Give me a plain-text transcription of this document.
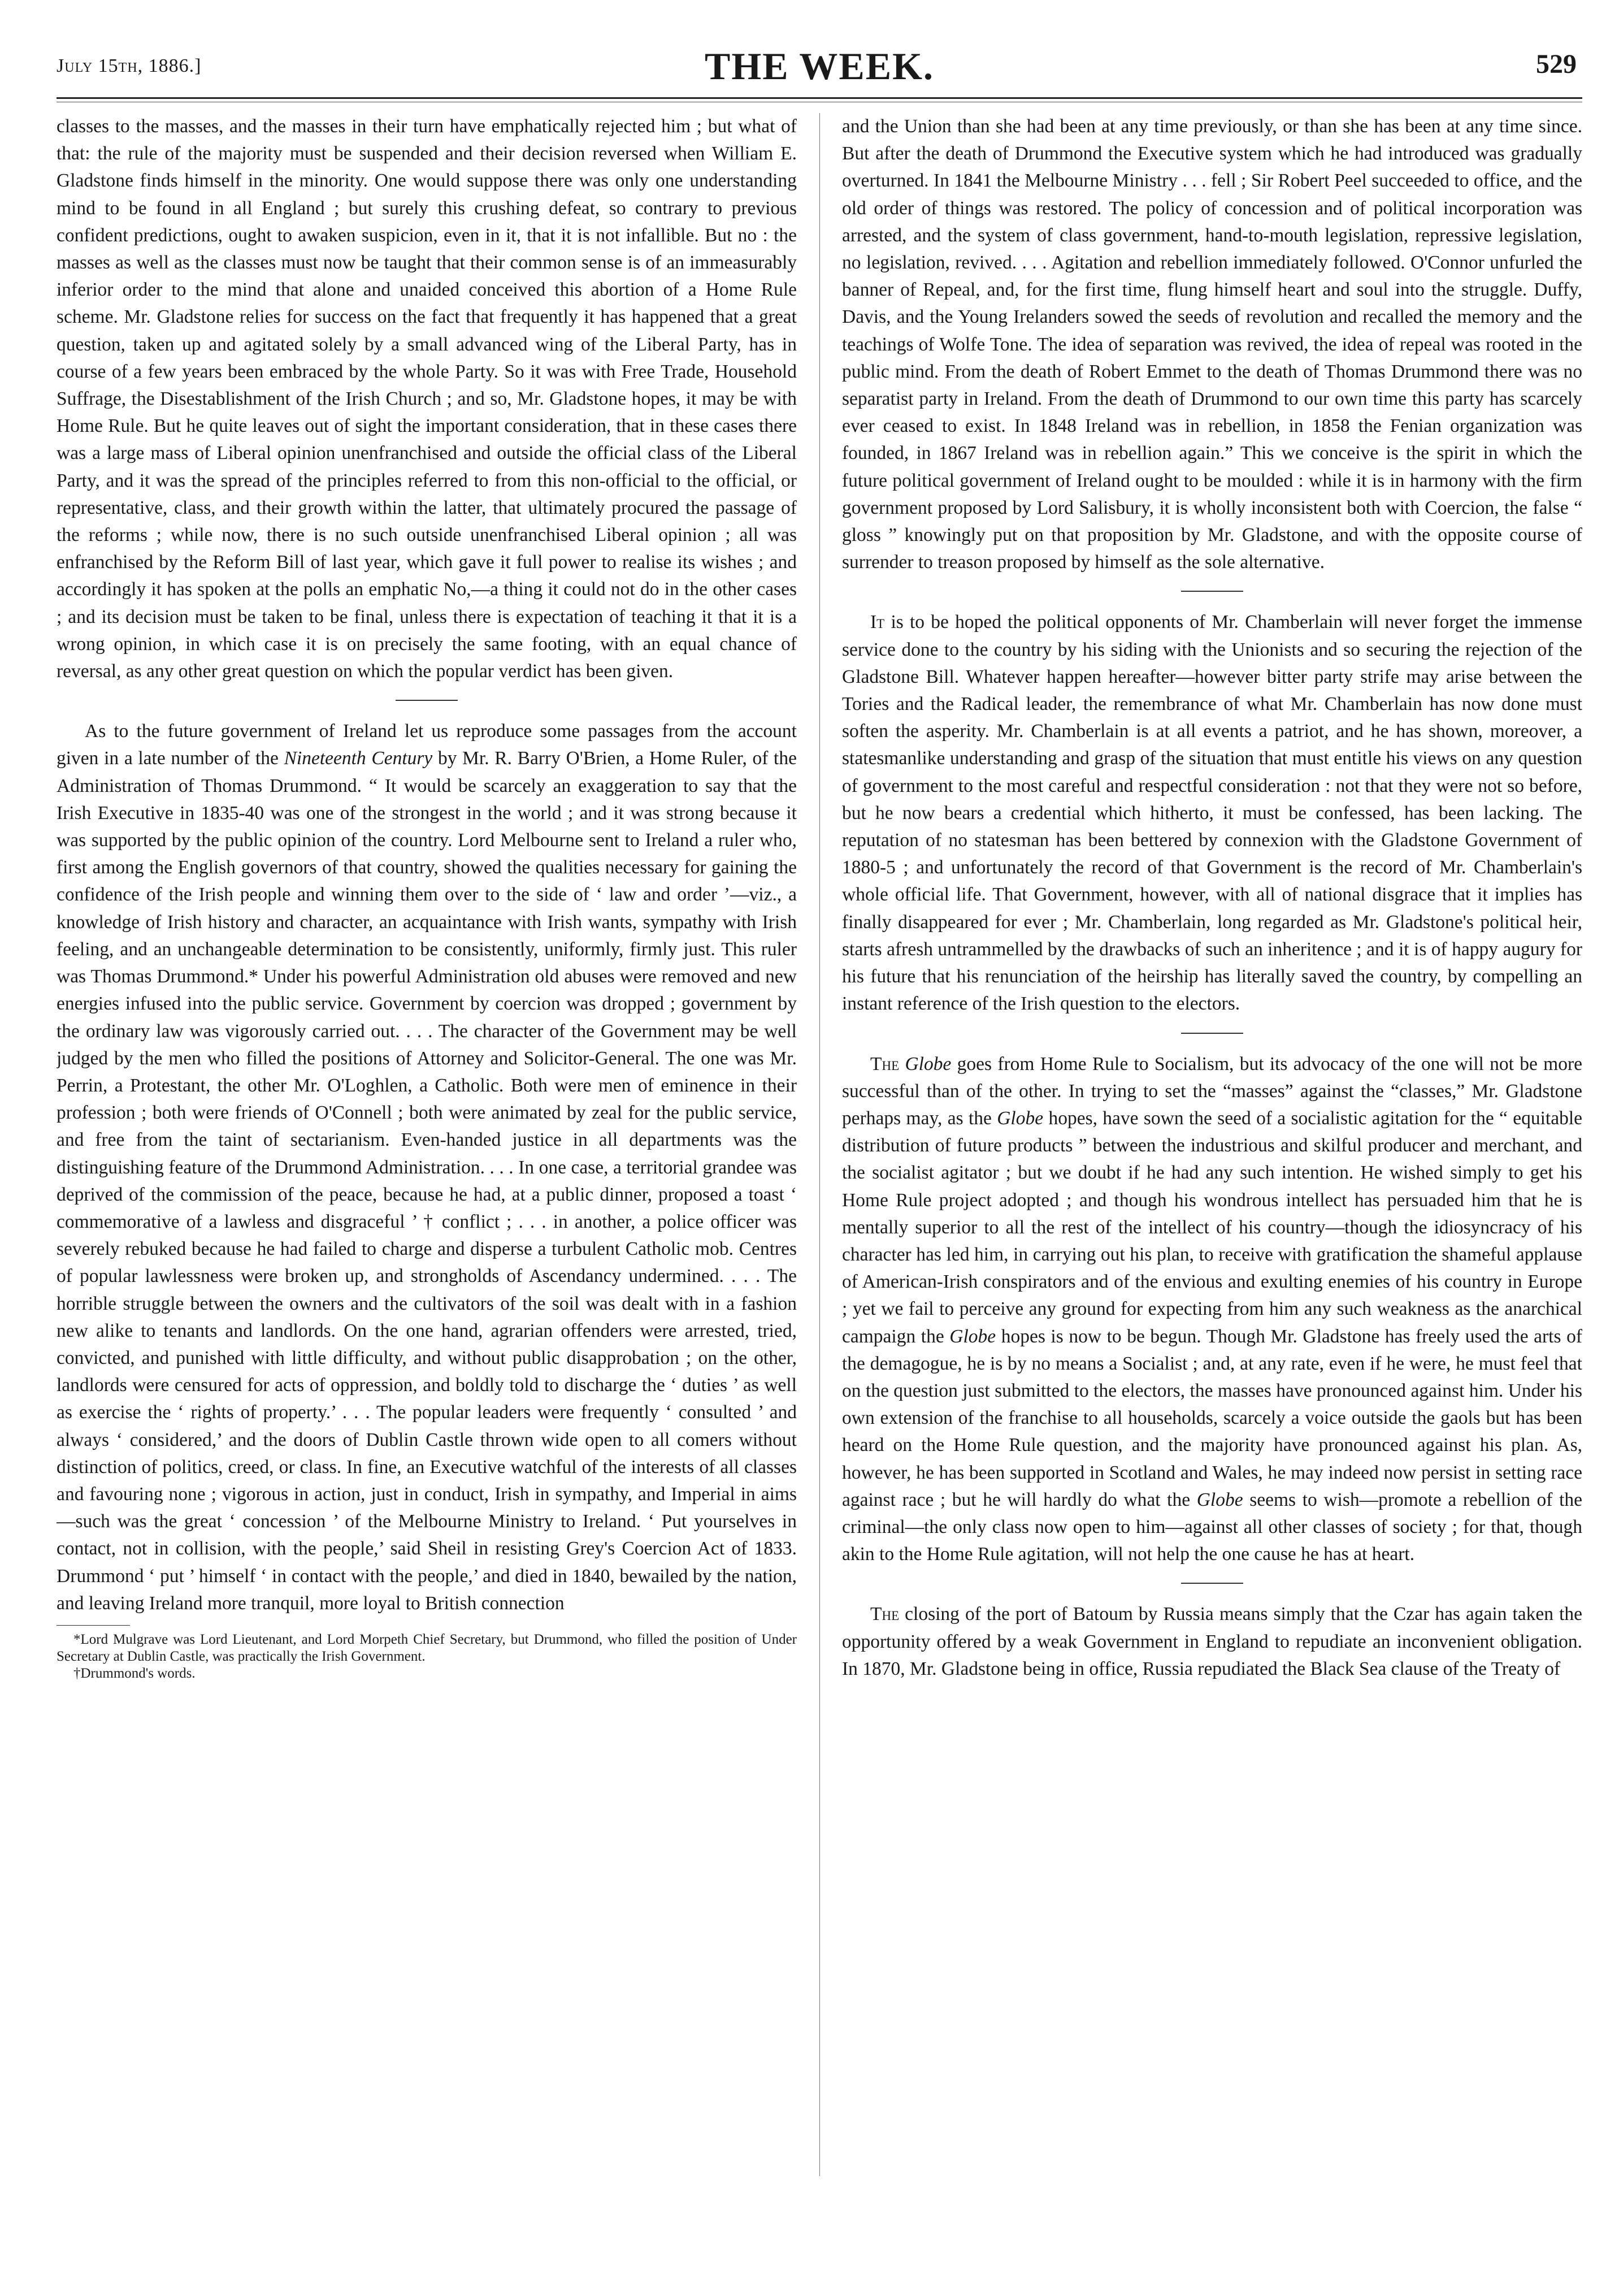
July 15th, 1886.]	THE WEEK.	529

classes to the masses, and the masses in their turn have emphatically rejected him ; but what of that: the rule of the majority must be suspended and their decision reversed when William E. Gladstone finds himself in the minority. One would suppose there was only one understanding mind to be found in all England ; but surely this crushing defeat, so contrary to previous confident predictions, ought to awaken suspicion, even in it, that it is not infallible. But no : the masses as well as the classes must now be taught that their common sense is of an immeasurably inferior order to the mind that alone and unaided conceived this abortion of a Home Rule scheme. Mr. Gladstone relies for success on the fact that frequently it has happened that a great question, taken up and agitated solely by a small advanced wing of the Liberal Party, has in course of a few years been embraced by the whole Party. So it was with Free Trade, Household Suffrage, the Disestablishment of the Irish Church ; and so, Mr. Gladstone hopes, it may be with Home Rule. But he quite leaves out of sight the important consideration, that in these cases there was a large mass of Liberal opinion unenfranchised and outside the official class of the Liberal Party, and it was the spread of the principles referred to from this non-official to the official, or representative, class, and their growth within the latter, that ultimately procured the passage of the reforms ; while now, there is no such outside unenfranchised Liberal opinion ; all was enfranchised by the Reform Bill of last year, which gave it full power to realise its wishes ; and accordingly it has spoken at the polls an emphatic No,—a thing it could not do in the other cases ; and its decision must be taken to be final, unless there is expectation of teaching it that it is a wrong opinion, in which case it is on precisely the same footing, with an equal chance of reversal, as any other great question on which the popular verdict has been given.

As to the future government of Ireland let us reproduce some passages from the account given in a late number of the Nineteenth Century by Mr. R. Barry O'Brien, a Home Ruler, of the Administration of Thomas Drummond. “ It would be scarcely an exaggeration to say that the Irish Executive in 1835-40 was one of the strongest in the world ; and it was strong because it was supported by the public opinion of the country. Lord Melbourne sent to Ireland a ruler who, first among the English governors of that country, showed the qualities necessary for gaining the confidence of the Irish people and winning them over to the side of ‘ law and order ’—viz., a knowledge of Irish history and character, an acquaintance with Irish wants, sympathy with Irish feeling, and an unchangeable determination to be consistently, uniformly, firmly just. This ruler was Thomas Drummond.* Under his powerful Administration old abuses were removed and new energies infused into the public service. Government by coercion was dropped ; government by the ordinary law was vigorously carried out. . . . The character of the Government may be well judged by the men who filled the positions of Attorney and Solicitor-General. The one was Mr. Perrin, a Protestant, the other Mr. O'Loghlen, a Catholic. Both were men of eminence in their profession ; both were friends of O'Connell ; both were animated by zeal for the public service, and free from the taint of sectarianism. Even-handed justice in all departments was the distinguishing feature of the Drummond Administration. . . . In one case, a territorial grandee was deprived of the commission of the peace, because he had, at a public dinner, proposed a toast ‘ commemorative of a lawless and disgraceful ’ † conflict ; . . . in another, a police officer was severely rebuked because he had failed to charge and disperse a turbulent Catholic mob. Centres of popular lawlessness were broken up, and strongholds of Ascendancy undermined. . . . The horrible struggle between the owners and the cultivators of the soil was dealt with in a fashion new alike to tenants and landlords. On the one hand, agrarian offenders were arrested, tried, convicted, and punished with little difficulty, and without public disapprobation ; on the other, landlords were censured for acts of oppression, and boldly told to discharge the ‘ duties ’ as well as exercise the ‘ rights of property.’ . . . The popular leaders were frequently ‘ consulted ’ and always ‘ considered,’ and the doors of Dublin Castle thrown wide open to all comers without distinction of politics, creed, or class. In fine, an Executive watchful of the interests of all classes and favouring none ; vigorous in action, just in conduct, Irish in sympathy, and Imperial in aims—such was the great ‘ concession ’ of the Melbourne Ministry to Ireland. ‘ Put yourselves in contact, not in collision, with the people,’ said Sheil in resisting Grey's Coercion Act of 1833. Drummond ‘ put ’ himself ‘ in contact with the people,’ and died in 1840, bewailed by the nation, and leaving Ireland more tranquil, more loyal to British connection

*Lord Mulgrave was Lord Lieutenant, and Lord Morpeth Chief Secretary, but Drummond, who filled the position of Under Secretary at Dublin Castle, was practically the Irish Government.

†Drummond's words.

and the Union than she had been at any time previously, or than she has been at any time since. But after the death of Drummond the Executive system which he had introduced was gradually overturned. In 1841 the Melbourne Ministry . . . fell ; Sir Robert Peel succeeded to office, and the old order of things was restored. The policy of concession and of political incorporation was arrested, and the system of class government, hand-to-mouth legislation, repressive legislation, no legislation, revived. . . . Agitation and rebellion immediately followed. O'Connor unfurled the banner of Repeal, and, for the first time, flung himself heart and soul into the struggle. Duffy, Davis, and the Young Irelanders sowed the seeds of revolution and recalled the memory and the teachings of Wolfe Tone. The idea of separation was revived, the idea of repeal was rooted in the public mind. From the death of Robert Emmet to the death of Thomas Drummond there was no separatist party in Ireland. From the death of Drummond to our own time this party has scarcely ever ceased to exist. In 1848 Ireland was in rebellion, in 1858 the Fenian organization was founded, in 1867 Ireland was in rebellion again.” This we conceive is the spirit in which the future political government of Ireland ought to be moulded : while it is in harmony with the firm government proposed by Lord Salisbury, it is wholly inconsistent both with Coercion, the false “ gloss ” knowingly put on that proposition by Mr. Gladstone, and with the opposite course of surrender to treason proposed by himself as the sole alternative.

It is to be hoped the political opponents of Mr. Chamberlain will never forget the immense service done to the country by his siding with the Unionists and so securing the rejection of the Gladstone Bill. Whatever happen hereafter—however bitter party strife may arise between the Tories and the Radical leader, the remembrance of what Mr. Chamberlain has now done must soften the asperity. Mr. Chamberlain is at all events a patriot, and he has shown, moreover, a statesmanlike understanding and grasp of the situation that must entitle his views on any question of government to the most careful and respectful consideration : not that they were not so before, but he now bears a credential which hitherto, it must be confessed, has been lacking. The reputation of no statesman has been bettered by connexion with the Gladstone Government of 1880-5 ; and unfortunately the record of that Government is the record of Mr. Chamberlain's whole official life. That Government, however, with all of national disgrace that it implies has finally disappeared for ever ; Mr. Chamberlain, long regarded as Mr. Gladstone's political heir, starts afresh untrammelled by the drawbacks of such an inheritence ; and it is of happy augury for his future that his renunciation of the heirship has literally saved the country, by compelling an instant reference of the Irish question to the electors.

The Globe goes from Home Rule to Socialism, but its advocacy of the one will not be more successful than of the other. In trying to set the “masses” against the “classes,” Mr. Gladstone perhaps may, as the Globe hopes, have sown the seed of a socialistic agitation for the “ equitable distribution of future products ” between the industrious and skilful producer and merchant, and the socialist agitator ; but we doubt if he had any such intention. He wished simply to get his Home Rule project adopted ; and though his wondrous intellect has persuaded him that he is mentally superior to all the rest of the intellect of his country—though the idiosyncracy of his character has led him, in carrying out his plan, to receive with gratification the shameful applause of American-Irish conspirators and of the envious and exulting enemies of his country in Europe ; yet we fail to perceive any ground for expecting from him any such weakness as the anarchical campaign the Globe hopes is now to be begun. Though Mr. Gladstone has freely used the arts of the demagogue, he is by no means a Socialist ; and, at any rate, even if he were, he must feel that on the question just submitted to the electors, the masses have pronounced against him. Under his own extension of the franchise to all households, scarcely a voice outside the gaols but has been heard on the Home Rule question, and the majority have pronounced against his plan. As, however, he has been supported in Scotland and Wales, he may indeed now persist in setting race against race ; but he will hardly do what the Globe seems to wish—promote a rebellion of the criminal—the only class now open to him—against all other classes of society ; for that, though akin to the Home Rule agitation, will not help the one cause he has at heart.

The closing of the port of Batoum by Russia means simply that the Czar has again taken the opportunity offered by a weak Government in England to repudiate an inconvenient obligation. In 1870, Mr. Gladstone being in office, Russia repudiated the Black Sea clause of the Treaty of
